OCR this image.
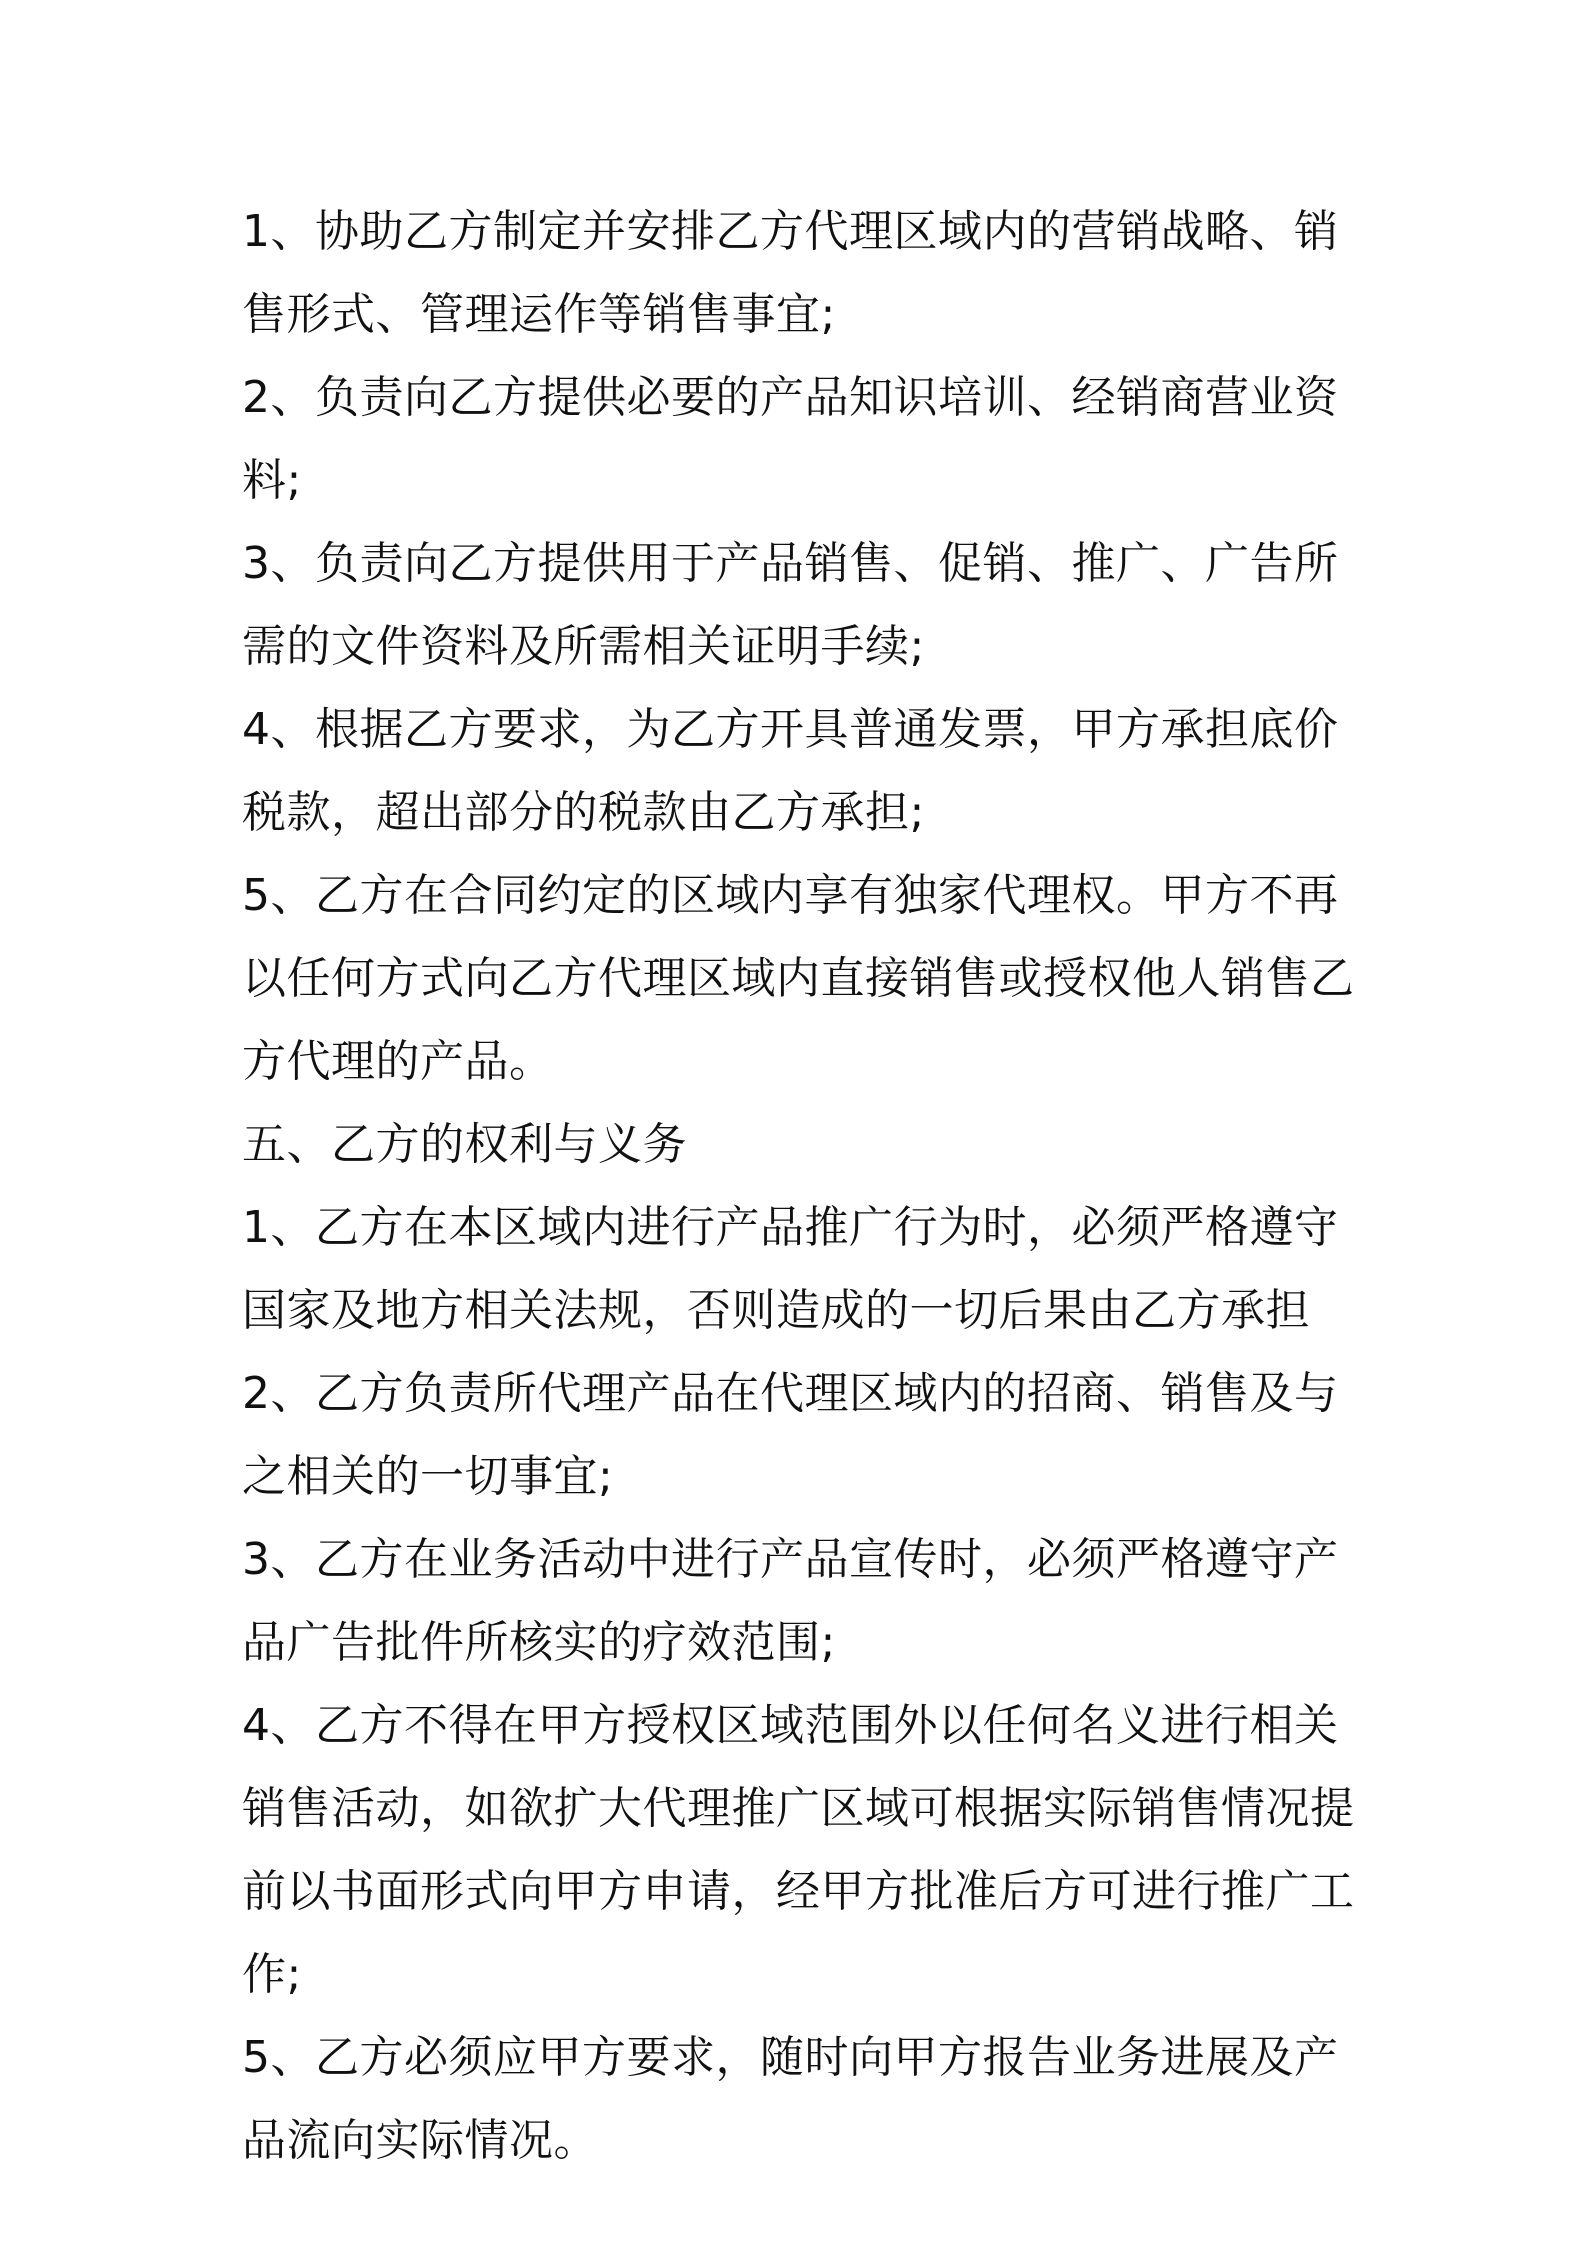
1、协助乙方制定并安排乙方代理区域内的营销战略、销售形式、管理运作等销售事宜;

2、负责向乙方提供必要的产品知识培训、经销商营业资料;

3、负责向乙方提供用于产品销售、促销、推广、广告所需的文件资料及所需相关证明手续;

4、根据乙方要求，为乙方开具普通发票，甲方承担底价税款，超出部分的税款由乙方承担;

5、乙方在合同约定的区域内享有独家代理权。甲方不再以任何方式向乙方代理区域内直接销售或授权他人销售乙方代理的产品。

五、乙方的权利与义务

1、乙方在本区域内进行产品推广行为时，必须严格遵守国家及地方相关法规，否则造成的一切后果由乙方承担

2、乙方负责所代理产品在代理区域内的招商、销售及与之相关的一切事宜;

3、乙方在业务活动中进行产品宣传时，必须严格遵守产品广告批件所核实的疗效范围;

4、乙方不得在甲方授权区域范围外以任何名义进行相关销售活动，如欲扩大代理推广区域可根据实际销售情况提前以书面形式向甲方申请，经甲方批准后方可进行推广工作;

5、乙方必须应甲方要求，随时向甲方报告业务进展及产品流向实际情况。
